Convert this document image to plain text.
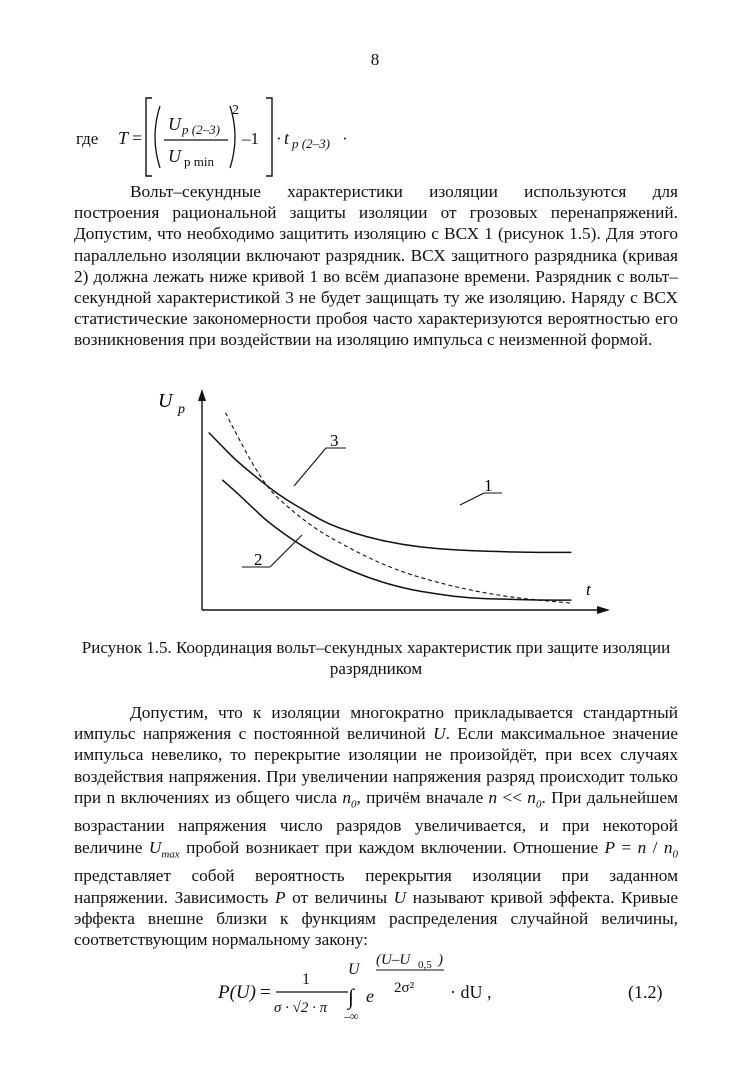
8
где T =
U p (2–3)
U p min
2
–1 · t p (2–3) ·
Вольт–секундные характеристики изоляции используются для построения рациональной защиты изоляции от грозовых перенапряжений. Допустим, что необходимо защитить изоляцию с ВСХ 1 (рисунок 1.5). Для этого параллельно изоляции включают разрядник. ВСХ защитного разрядника (кривая 2) должна лежать ниже кривой 1 во всём диапазоне времени. Разрядник с вольт–секундной характеристикой 3 не будет защищать ту же изоляцию. Наряду с ВСХ статистические закономерности пробоя часто характеризуются вероятностью его возникновения при воздействии на изоляцию импульса с неизменной формой.
U p
t
1
2
3
Рисунок 1.5. Координация вольт–секундных характеристик при защите изоляции разрядником
Допустим, что к изоляции многократно прикладывается стандартный импульс напряжения с постоянной величиной U. Если максимальное значение импульса невелико, то перекрытие изоляции не произойдёт, при всех случаях воздействия напряжения. При увеличении напряжения разряд происходит только при n включениях из общего числа $n_0$, причём вначале $n << n_0$. При дальнейшем возрастании напряжения число разрядов увеличивается, и при некоторой величине $U_{max}$ пробой возникает при каждом включении. Отношение $P = n / n_0$ представляет собой вероятность перекрытия изоляции при заданном напряжении. Зависимость P от величины U называют кривой эффекта. Кривые эффекта внешне близки к функциям распределения случайной величины, соответствующим нормальному закону:
P(U) =
1
σ · √2 · π
U
∫
–∞
e
(U–U 0,5 )
2σ² · dU ,	(1.2)
